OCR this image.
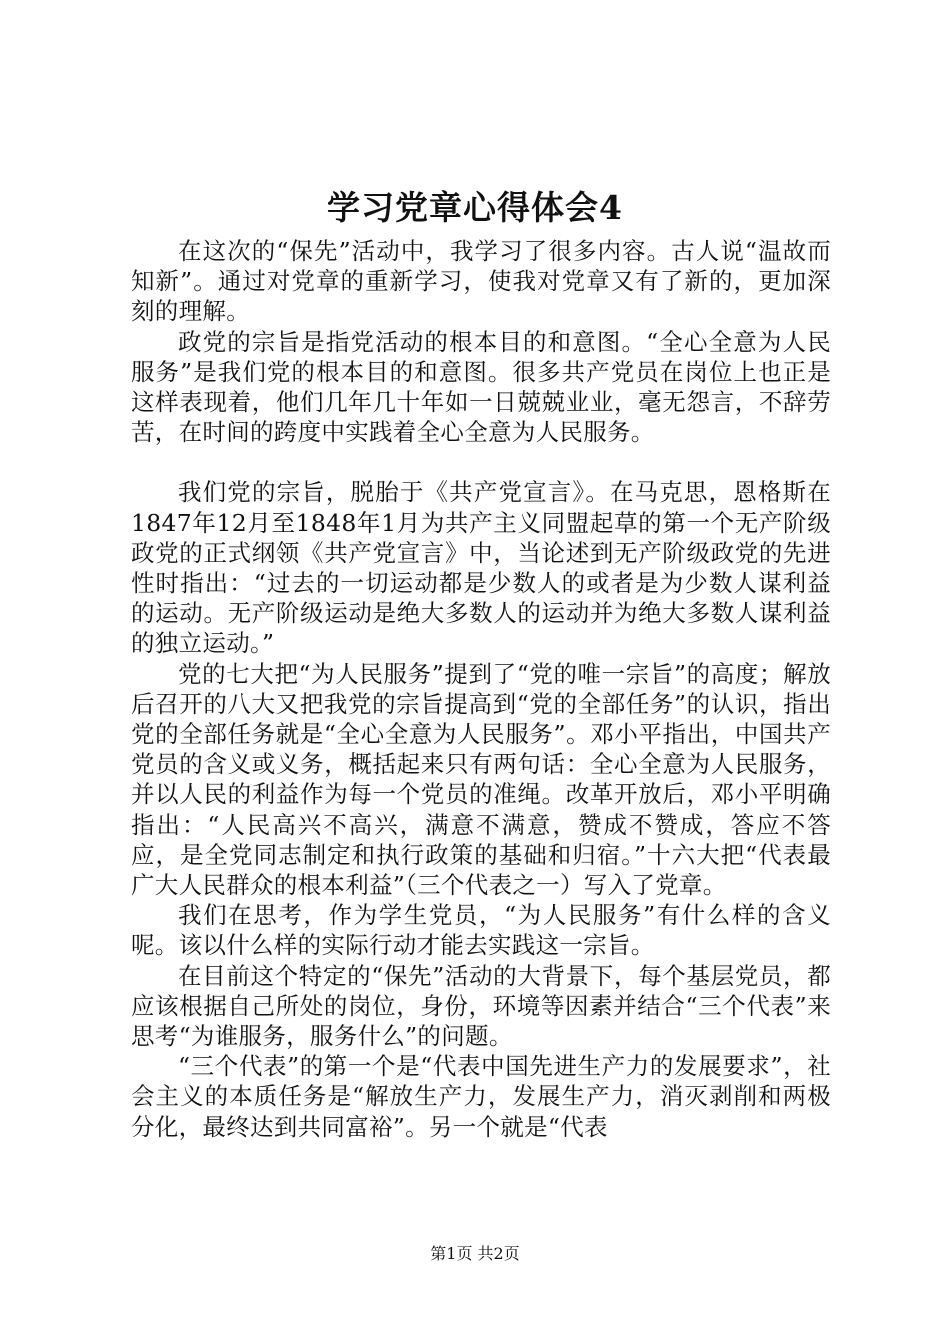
学习党章心得体会4

在这次的“保先”活动中，我学习了很多内容。古人说“温故而知新”。通过对党章的重新学习，使我对党章又有了新的，更加深刻的理解。

政党的宗旨是指党活动的根本目的和意图。“全心全意为人民服务”是我们党的根本目的和意图。很多共产党员在岗位上也正是这样表现着，他们几年几十年如一日兢兢业业，毫无怨言，不辞劳苦，在时间的跨度中实践着全心全意为人民服务。

我们党的宗旨，脱胎于《共产党宣言》。在马克思，恩格斯在1847年12月至1848年1月为共产主义同盟起草的第一个无产阶级政党的正式纲领《共产党宣言》中，当论述到无产阶级政党的先进性时指出：“过去的一切运动都是少数人的或者是为少数人谋利益的运动。无产阶级运动是绝大多数人的运动并为绝大多数人谋利益的独立运动。”

党的七大把“为人民服务”提到了“党的唯一宗旨”的高度；解放后召开的八大又把我党的宗旨提高到“党的全部任务”的认识，指出党的全部任务就是“全心全意为人民服务”。邓小平指出，中国共产党员的含义或义务，概括起来只有两句话：全心全意为人民服务，并以人民的利益作为每一个党员的准绳。改革开放后，邓小平明确指出：“人民高兴不高兴，满意不满意，赞成不赞成，答应不答应，是全党同志制定和执行政策的基础和归宿。”十六大把“代表最广大人民群众的根本利益”（三个代表之一）写入了党章。

我们在思考，作为学生党员，“为人民服务”有什么样的含义呢。该以什么样的实际行动才能去实践这一宗旨。

在目前这个特定的“保先”活动的大背景下，每个基层党员，都应该根据自己所处的岗位，身份，环境等因素并结合“三个代表”来思考“为谁服务，服务什么”的问题。

“三个代表”的第一个是“代表中国先进生产力的发展要求”，社会主义的本质任务是“解放生产力，发展生产力，消灭剥削和两极分化，最终达到共同富裕”。另一个就是“代表

第1页 共2页
